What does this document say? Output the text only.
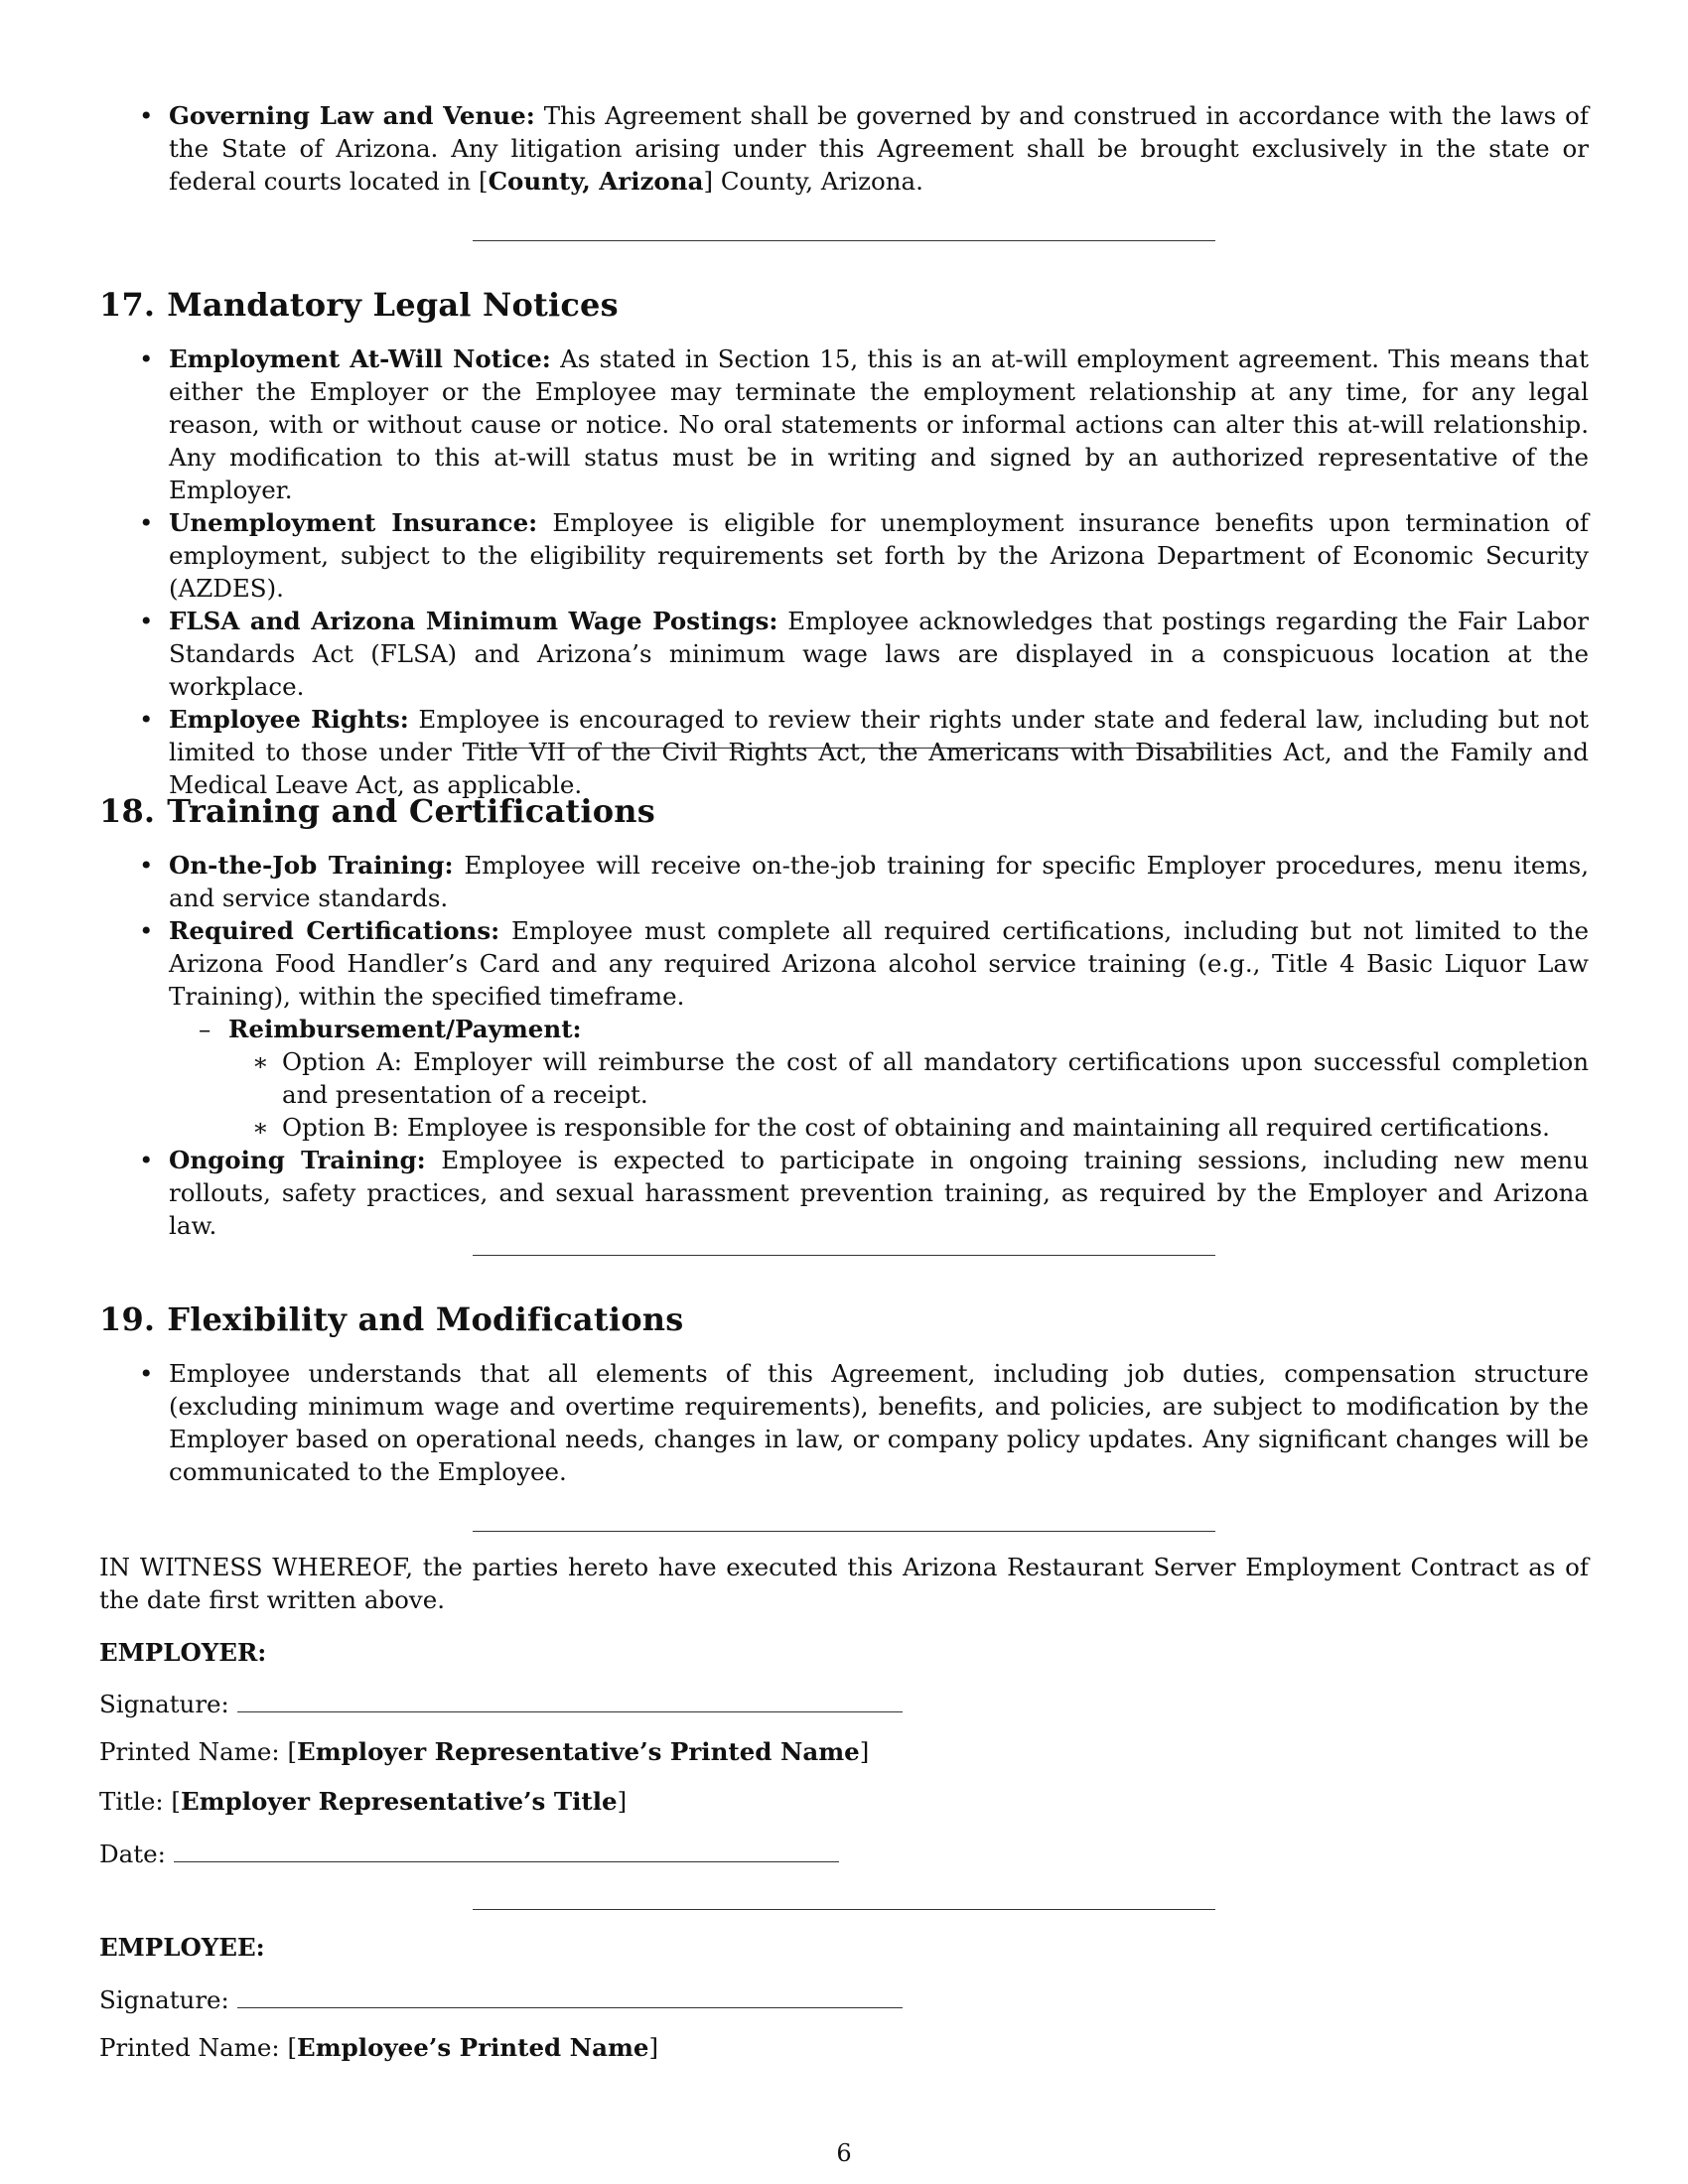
• Governing Law and Venue: This Agreement shall be governed by and construed in accordance with the laws of the State of Arizona. Any litigation arising under this Agreement shall be brought exclusively in the state or federal courts located in [County, Arizona] County, Arizona.
17. Mandatory Legal Notices
• Employment At-Will Notice: As stated in Section 15, this is an at-will employment agreement. This means that either the Employer or the Employee may terminate the employment relationship at any time, for any legal reason, with or without cause or notice. No oral statements or informal actions can alter this at-will relationship. Any modification to this at-will status must be in writing and signed by an authorized representative of the Employer.
• Unemployment Insurance: Employee is eligible for unemployment insurance benefits upon termination of employment, subject to the eligibility requirements set forth by the Arizona Department of Economic Security (AZDES).
• FLSA and Arizona Minimum Wage Postings: Employee acknowledges that postings regarding the Fair Labor Standards Act (FLSA) and Arizona’s minimum wage laws are displayed in a conspicuous location at the workplace.
• Employee Rights: Employee is encouraged to review their rights under state and federal law, including but not limited to those under Title VII of the Civil Rights Act, the Americans with Disabilities Act, and the Family and Medical Leave Act, as applicable.
18. Training and Certifications
• On-the-Job Training: Employee will receive on-the-job training for specific Employer procedures, menu items, and service standards.
• Required Certifications: Employee must complete all required certifications, including but not limited to the Arizona Food Handler’s Card and any required Arizona alcohol service training (e.g., Title 4 Basic Liquor Law Training), within the specified timeframe.
– Reimbursement/Payment:
∗ Option A: Employer will reimburse the cost of all mandatory certifications upon successful completion and presentation of a receipt.
∗ Option B: Employee is responsible for the cost of obtaining and maintaining all required certifications.
• Ongoing Training: Employee is expected to participate in ongoing training sessions, including new menu rollouts, safety practices, and sexual harassment prevention training, as required by the Employer and Arizona law.
19. Flexibility and Modifications
• Employee understands that all elements of this Agreement, including job duties, compensation structure (excluding minimum wage and overtime requirements), benefits, and policies, are subject to modification by the Employer based on operational needs, changes in law, or company policy updates. Any significant changes will be communicated to the Employee.

IN WITNESS WHEREOF, the parties hereto have executed this Arizona Restaurant Server Employment Contract as of the date first written above.

EMPLOYER:

Signature:

Printed Name: [Employer Representative’s Printed Name]

Title: [Employer Representative’s Title]

Date:

EMPLOYEE:

Signature:

Printed Name: [Employee’s Printed Name]

6
